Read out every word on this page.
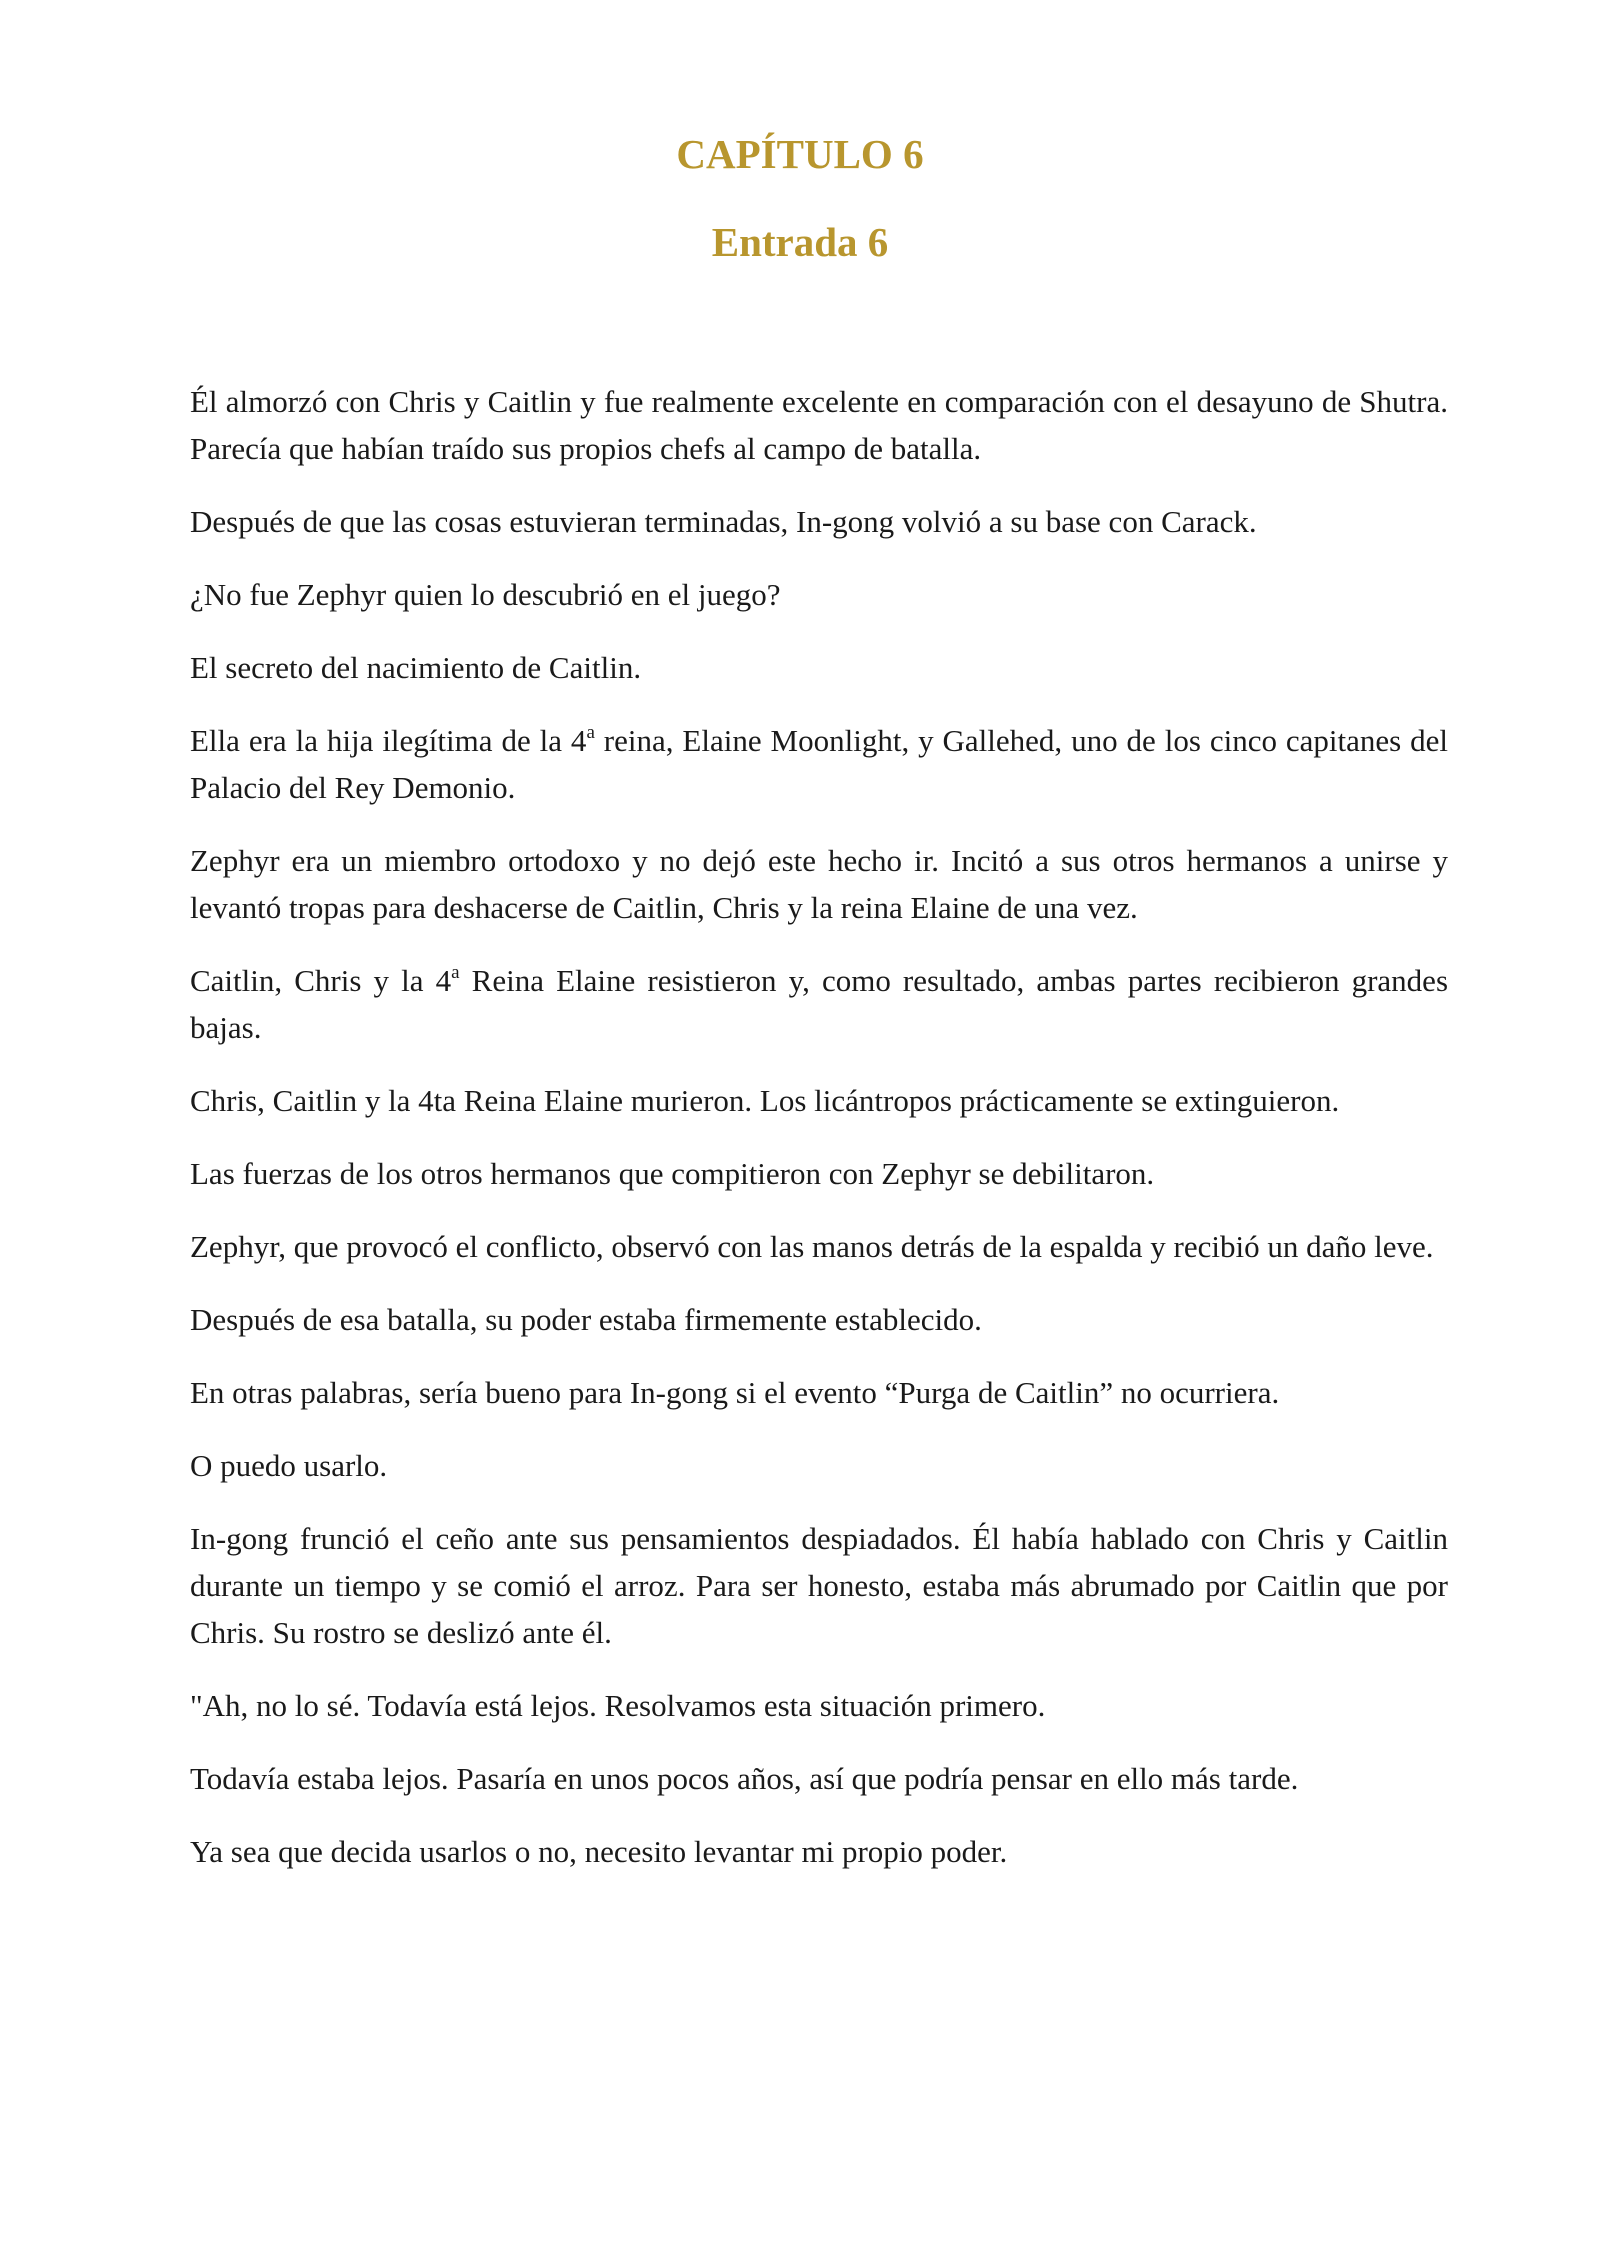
CAPÍTULO 6
Entrada 6

Él almorzó con Chris y Caitlin y fue realmente excelente en comparación con el desayuno de Shutra. Parecía que habían traído sus propios chefs al campo de batalla.

Después de que las cosas estuvieran terminadas, In-gong volvió a su base con Carack.

¿No fue Zephyr quien lo descubrió en el juego?

El secreto del nacimiento de Caitlin.

Ella era la hija ilegítima de la 4$^a$ reina, Elaine Moonlight, y Gallehed, uno de los cinco capitanes del Palacio del Rey Demonio.

Zephyr era un miembro ortodoxo y no dejó este hecho ir. Incitó a sus otros hermanos a unirse y levantó tropas para deshacerse de Caitlin, Chris y la reina Elaine de una vez.

Caitlin, Chris y la 4$^a$ Reina Elaine resistieron y, como resultado, ambas partes recibieron grandes bajas.

Chris, Caitlin y la 4ta Reina Elaine murieron. Los licántropos prácticamente se extinguieron.

Las fuerzas de los otros hermanos que compitieron con Zephyr se debilitaron.

Zephyr, que provocó el conflicto, observó con las manos detrás de la espalda y recibió un daño leve.

Después de esa batalla, su poder estaba firmemente establecido.

En otras palabras, sería bueno para In-gong si el evento “Purga de Caitlin” no ocurriera.

O puedo usarlo.

In-gong frunció el ceño ante sus pensamientos despiadados. Él había hablado con Chris y Caitlin durante un tiempo y se comió el arroz. Para ser honesto, estaba más abrumado por Caitlin que por Chris. Su rostro se deslizó ante él.

"Ah, no lo sé. Todavía está lejos. Resolvamos esta situación primero.

Todavía estaba lejos. Pasaría en unos pocos años, así que podría pensar en ello más tarde.

Ya sea que decida usarlos o no, necesito levantar mi propio poder.
